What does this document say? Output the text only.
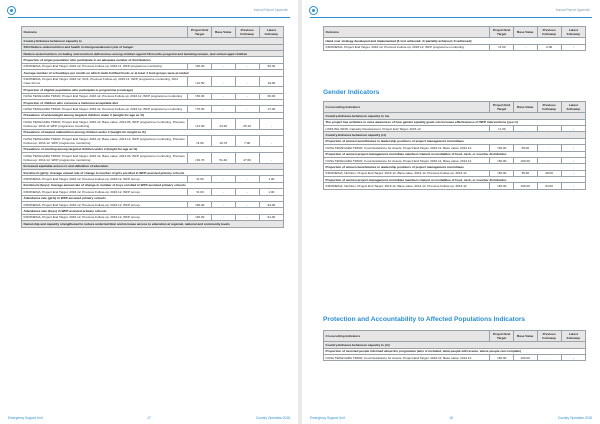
Annual Report Appendix
Outcome	Project End Target	Base Value	Previous Followup	Latest Followup
Country-Enhance behaviour capacity to				
SO4 Reduce undernutrition and health in intergenerational cycle of hunger				
Reduce undernutrition, including micronutrient deficiencies among children aged 6-59 months pregnant and lactating women, and school-aged children				
Proportion of target population who participate in an adequate number of distributions				
INDONESIA, Project End Target: 2016.12, Previous Follow-up: 2016.11, WFP programme monitoring	>66.00	-	-	66.00
Average number of schooldays per month on which multi-fortified foods or at least 4 food groups were provided				
INDONESIA, Project End Target: 2016.12, SO4, Previous Follow-up: 2016.12, WFP programme monitoring, SO4 Case Focus	>12.50	-	-	19.00
Proportion of eligible population who participate in programme (coverage)				
NUSA TENGGARA TIMUR, Project End Target: 2016.12, Previous Follow-up: 2016.12, WFP programme monitoring	>50.00	-	-	66.00
Proportion of children who consume a minimum acceptable diet				
NUSA TENGGARA TIMUR, Project End Target: 2016.12, Previous Follow-up: 2016.12, WFP programme monitoring	>70.00	-	-	17.00
Prevalence of underweight among targeted children under 2 (weight-for-age as %)				
NUSA TENGGARA TIMUR, Project End Target: 2016.12, Base value: 2014.06, WFP programme monitoring, Previous Follow-up: 2014.11 WFP programme monitoring	<21.00	23.30	25.10	-
Prevalence of wasted malnutrition among children under 2 (weight-for-height as %)				
NUSA TENGGARA TIMUR, Project End Target: 2016.12, Base value: 2014.12, WFP programme monitoring, Previous Follow-up: 2014.12, WFP programme monitoring	<9.00	10.70	7.00	-
Prevalence of stunting among targeted children under 2 (height-for-age as %)				
NUSA TENGGARA TIMUR, Project End Target: 2016.12, Base value: 2014.06, WFP programme monitoring, Previous Follow-up: 2014.12, WFP programme monitoring	<49.70	51.40	47.60	-
Increased equitable access to and utilization of education				
Enrolment (girls): Average annual rate of change in number of girls enrolled in WFP-assisted primary schools				
INDONESIA, Project End Target: 2016.12, Previous Follow-up: 2016.12, WFP survey	>6.00	-	-	1.00
Enrolment (boys): Average annual rate of change in number of boys enrolled in WFP-assisted primary schools				
INDONESIA, Project End Target: 2016.12, Previous Follow-up: 2016.12, WFP survey	>6.00	-	-	1.00
Attendance rate (girls) in WFP-assisted primary schools				
INDONESIA, Project End Target: 2016.12, Previous Follow-up: 2016.12, WFP survey	>90.00	-	-	94.00
Attendance rate (boys) in WFP-assisted primary schools				
INDONESIA, Project End Target: 2016.12, Previous Follow-up: 2016.12, WFP survey	>90.00	-	-	91.00
Ownership and capacity strengthened to reduce undernutrition and increase access to education at regional, national and community levels				
Emergency Support Unit	17	Country Operation 2018
Annual Report Appendix
Outcome	Project End Target	Base Value	Previous Followup	Latest Followup
Hand over strategy developed and implemented [1=not achieved; 2=partially achieved; 3=achieved]				
INDONESIA, Project End Target: 2016.12, Previous Follow-up: 2016.12, WFP programme monitoring	=3.00	-	2.00	-
Gender Indicators
Crosscutting indicators	Project End Target	Base Value	Previous Followup	Latest Followup
Country-Enhance behaviour capacity to me				
The project has activities to raise awareness of how gender equality goals can increase effectiveness of WFP interventions (yes=1)				
LINDUNG WFW, Capacity Development, Project End Target: 2016.12	=1.00	-	-	-
Country-Enhance behaviour capacity (ct)				
Proportion of women beneficiaries in leadership positions of project management committees				
NUSA TENGGARA TIMUR, Food Assistance for Assets, Project End Target: 2016.12, Base value: 2014.12	>50.00	35.00	-	-
Proportion of women project management committee members trained on modalities of food, cash, or voucher distribution				
NUSA TENGGARA TIMUR, Food Assistance for Assets, Project End Target: 2016.12, Base value: 2014.12	>60.00	100.00	-	-
Proportion of women beneficiaries in leadership positions of project management committees				
INDONESIA, Nutrition, Project End Target: 2016.12, Base value: 2014.12, Previous Follow-up: 2016.12	>50.00	35.00	48.00	-
Proportion of women project management committee members trained on modalities of food, cash, or voucher distribution				
INDONESIA, Nutrition, Project End Target: 2016.12, Base value: 2014.12, Previous Follow-up: 2016.12	>60.00	100.00	64.00	-
Protection and Accountability to Affected Populations Indicators
Crosscutting indicators	Project End Target	Base Value	Previous Followup	Latest Followup
Country-Enhance behaviour capacity to (ct)				
Proportion of assisted people informed about the programme (who is included, what people will receive, where people can complain)				
NUSA TENGGARA TIMUR, Food Assistance for Assets, Project End Target: 2016.12, Base value: 2014.12	>80.00	100.00	-	-
Emergency Support Unit	18	Country Operation 2018
